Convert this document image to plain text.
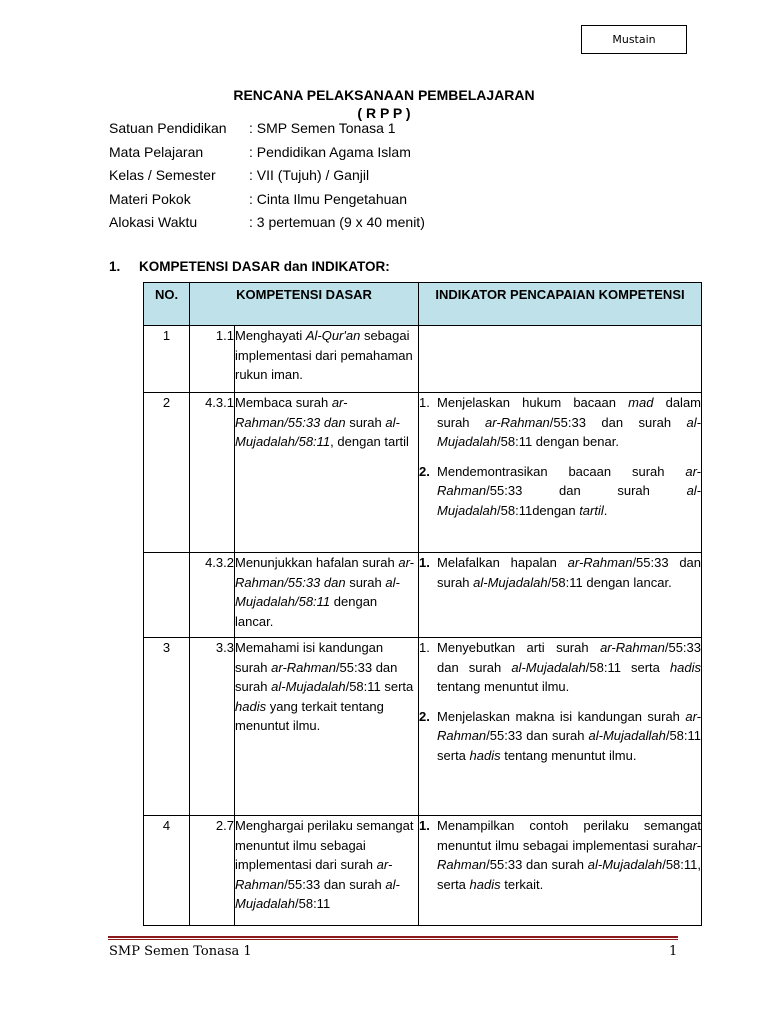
Mustain
RENCANA PELAKSANAAN PEMBELAJARAN
( R P P )
Satuan Pendidikan : SMP Semen Tonasa 1
Mata Pelajaran	: Pendidikan Agama Islam
Kelas / Semester : VII (Tujuh) / Ganjil
Materi Pokok	: Cinta Ilmu Pengetahuan
Alokasi Waktu	: 3 pertemuan (9 x 40 menit)
1. KOMPETENSI DASAR dan INDIKATOR:
NO.	KOMPETENSI DASAR		INDIKATOR PENCAPAIAN KOMPETENSI
1	1.1	Menghayati Al-Qur'an sebagai implementasi dari pemahaman rukun iman.	
2	4.3.1	Membaca surah ar-Rahman/55:33 dan surah al-Mujadalah/58:11, dengan tartil	1. Menjelaskan hukum bacaan mad dalam surah ar-Rahman/55:33 dan surah al-Mujadalah/58:11 dengan benar.
2. Mendemontrasikan bacaan surah ar-Rahman/55:33 dan surah al-Mujadalah/58:11dengan tartil.

	4.3.2	Menunjukkan hafalan surah ar-Rahman/55:33 dan surah al-Mujadalah/58:11 dengan lancar.	1. Melafalkan hapalan ar-Rahman/55:33 dan surah al-Mujadalah/58:11 dengan lancar.

3	3.3	Memahami isi kandungan surah ar-Rahman/55:33 dan surah al-Mujadalah/58:11 serta hadis yang terkait tentang menuntut ilmu.	1. Menyebutkan arti surah ar-Rahman/55:33 dan surah al-Mujadalah/58:11 serta hadis tentang menuntut ilmu.
2. Menjelaskan makna isi kandungan surah ar-Rahman/55:33 dan surah al-Mujadallah/58:11 serta hadis tentang menuntut ilmu.

4	2.7	Menghargai perilaku semangat menuntut ilmu sebagai implementasi dari surah ar-Rahman/55:33 dan surah al-Mujadalah/58:11	1. Menampilkan contoh perilaku semangat menuntut ilmu sebagai implementasi surahar-Rahman/55:33 dan surah al-Mujadalah/58:11, serta hadis terkait.
SMP Semen Tonasa 1	1
